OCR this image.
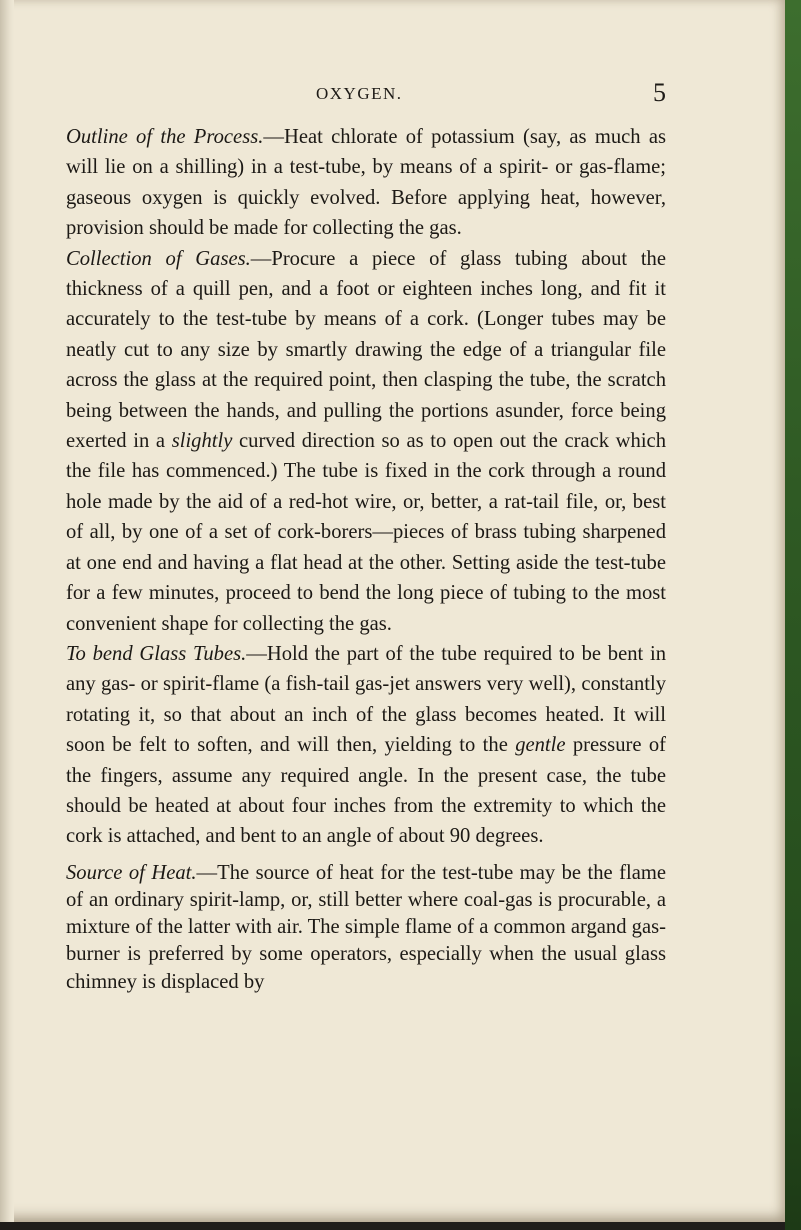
OXYGEN.	5

Outline of the Process.—Heat chlorate of potassium (say, as much as will lie on a shilling) in a test-tube, by means of a spirit- or gas-flame; gaseous oxygen is quickly evolved. Before applying heat, however, provision should be made for collecting the gas.

Collection of Gases.—Procure a piece of glass tubing about the thickness of a quill pen, and a foot or eighteen inches long, and fit it accurately to the test-tube by means of a cork. (Longer tubes may be neatly cut to any size by smartly drawing the edge of a triangular file across the glass at the required point, then clasping the tube, the scratch being between the hands, and pulling the portions asunder, force being exerted in a slightly curved direction so as to open out the crack which the file has commenced.) The tube is fixed in the cork through a round hole made by the aid of a red-hot wire, or, better, a rat-tail file, or, best of all, by one of a set of cork-borers—pieces of brass tubing sharpened at one end and having a flat head at the other. Setting aside the test-tube for a few minutes, proceed to bend the long piece of tubing to the most convenient shape for collecting the gas.

To bend Glass Tubes.—Hold the part of the tube required to be bent in any gas- or spirit-flame (a fish-tail gas-jet answers very well), constantly rotating it, so that about an inch of the glass becomes heated. It will soon be felt to soften, and will then, yielding to the gentle pressure of the fingers, assume any required angle. In the present case, the tube should be heated at about four inches from the extremity to which the cork is attached, and bent to an angle of about 90 degrees.

Source of Heat.—The source of heat for the test-tube may be the flame of an ordinary spirit-lamp, or, still better where coal-gas is procurable, a mixture of the latter with air. The simple flame of a common argand gas-burner is preferred by some operators, especially when the usual glass chimney is displaced by
